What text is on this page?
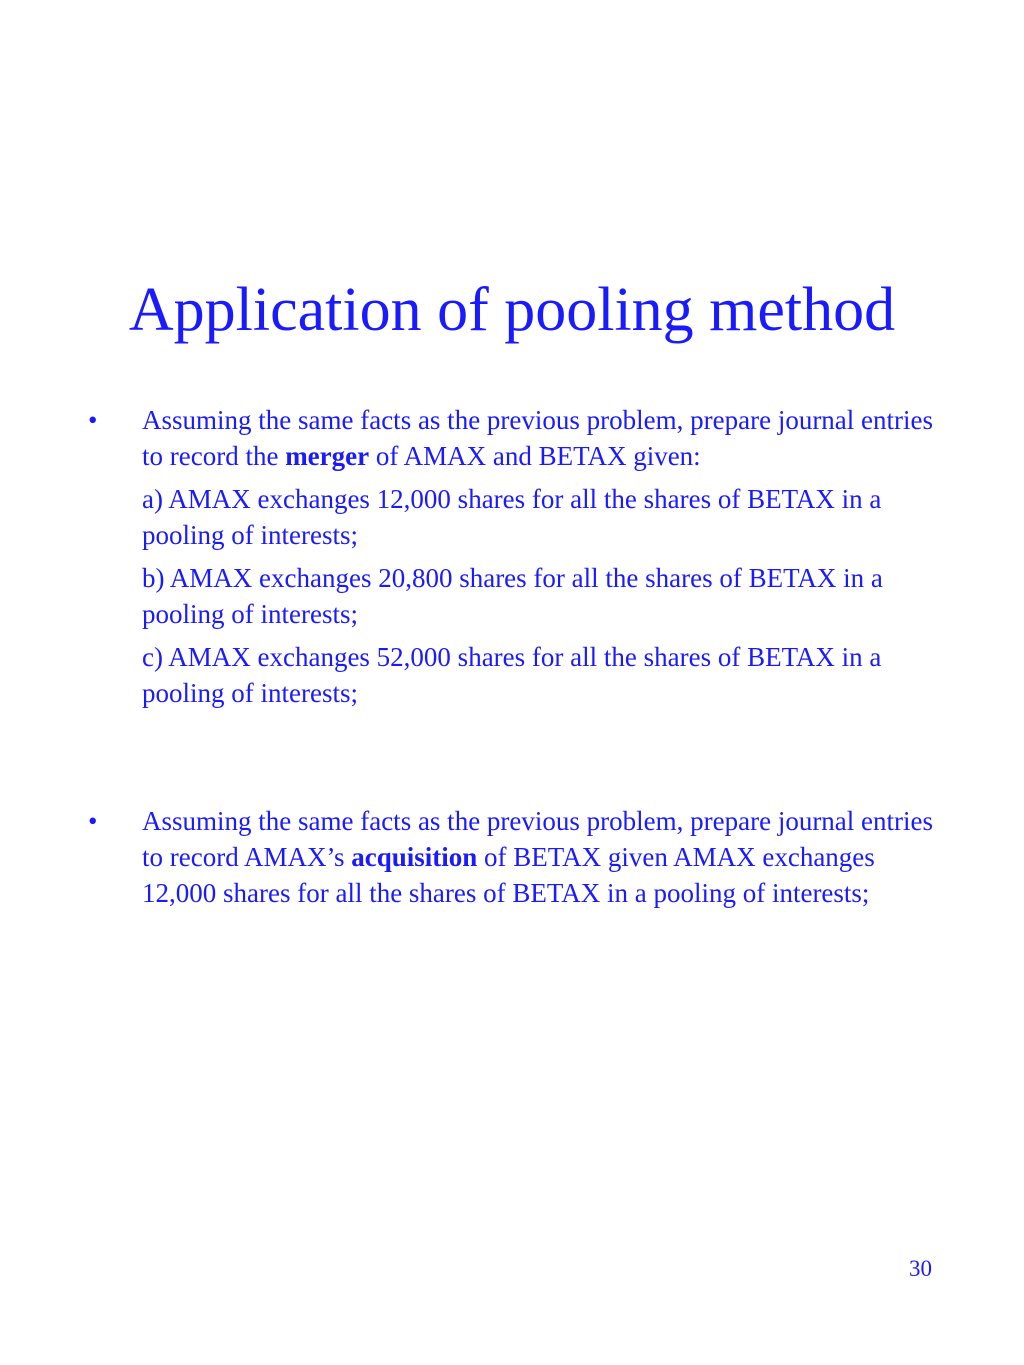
Application of pooling method
• Assuming the same facts as the previous problem, prepare journal entries to record the merger of AMAX and BETAX given:
a) AMAX exchanges 12,000 shares for all the shares of BETAX in a pooling of interests;
b) AMAX exchanges 20,800 shares for all the shares of BETAX in a pooling of interests;
c) AMAX exchanges 52,000 shares for all the shares of BETAX in a pooling of interests;
• Assuming the same facts as the previous problem, prepare journal entries to record AMAX’s acquisition of BETAX given AMAX exchanges 12,000 shares for all the shares of BETAX in a pooling of interests;
30
